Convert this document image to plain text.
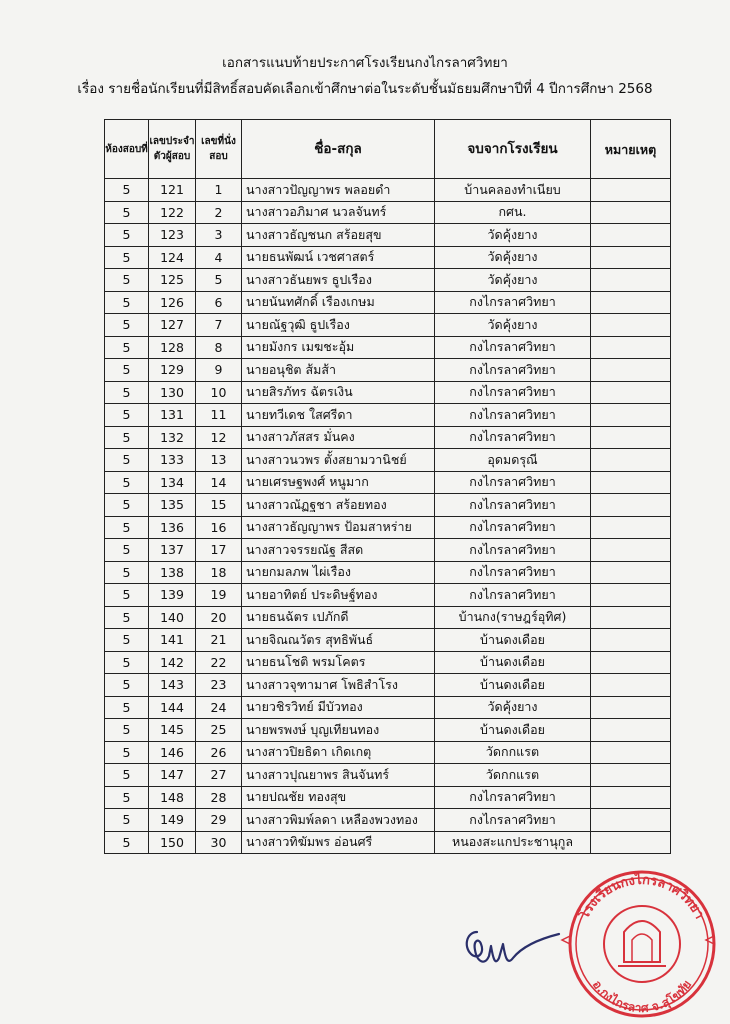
เอกสารแนบท้ายประกาศโรงเรียนกงไกรลาศวิทยา
เรื่อง รายชื่อนักเรียนที่มีสิทธิ์สอบคัดเลือกเข้าศึกษาต่อในระดับชั้นมัธยมศึกษาปีที่ 4 ปีการศึกษา 2568
ห้องสอบที่	เลขประจำตัวผู้สอบ	เลขที่นั่งสอบ	ชื่อ-สกุล	จบจากโรงเรียน	หมายเหตุ
5	121	1	นางสาวปัญญาพร พลอยดำ	บ้านคลองทำเนียบ	
5	122	2	นางสาวอภิมาศ นวลจันทร์	กศน.	
5	123	3	นางสาวธัญชนก สร้อยสุข	วัดคุ้งยาง	
5	124	4	นายธนพัฒน์ เวชศาสตร์	วัดคุ้งยาง	
5	125	5	นางสาวธันยพร ธูปเรือง	วัดคุ้งยาง	
5	126	6	นายนันทศักดิ์ เรืองเกษม	กงไกรลาศวิทยา	
5	127	7	นายณัฐวุฒิ ธูปเรือง	วัดคุ้งยาง	
5	128	8	นายมังกร เมฆชะอุ้ม	กงไกรลาศวิทยา	
5	129	9	นายอนุชิต ส้มส้า	กงไกรลาศวิทยา	
5	130	10	นายสิรภัทร ฉัตรเงิน	กงไกรลาศวิทยา	
5	131	11	นายทวีเดช ใสศรีดา	กงไกรลาศวิทยา	
5	132	12	นางสาวภัสสร มั่นคง	กงไกรลาศวิทยา	
5	133	13	นางสาวนวพร ตั้งสยามวานิชย์	อุดมดรุณี	
5	134	14	นายเศรษฐพงศ์ หนูมาก	กงไกรลาศวิทยา	
5	135	15	นางสาวณัฏฐชา สร้อยทอง	กงไกรลาศวิทยา	
5	136	16	นางสาวธัญญาพร ป้อมสาหร่าย	กงไกรลาศวิทยา	
5	137	17	นางสาวจรรยณัฐ สีสด	กงไกรลาศวิทยา	
5	138	18	นายกมลภพ ไผ่เรือง	กงไกรลาศวิทยา	
5	139	19	นายอาทิตย์ ประดิษฐ์ทอง	กงไกรลาศวิทยา	
5	140	20	นายธนฉัตร เปภักดี	บ้านกง(ราษฎร์อุทิศ)	
5	141	21	นายจิณณวัตร สุทธิพันธ์	บ้านดงเดือย	
5	142	22	นายธนโชติ พรมโคตร	บ้านดงเดือย	
5	143	23	นางสาวจุฑามาศ โพธิสำโรง	บ้านดงเดือย	
5	144	24	นายวชิรวิทย์ มีบัวทอง	วัดคุ้งยาง	
5	145	25	นายพรพงษ์ บุญเทียนทอง	บ้านดงเดือย	
5	146	26	นางสาวปิยธิดา เกิดเกตุ	วัดกกแรต	
5	147	27	นางสาวปุณยาพร สินจันทร์	วัดกกแรต	
5	148	28	นายปณชัย ทองสุข	กงไกรลาศวิทยา	
5	149	29	นางสาวพิมพ์ลดา เหลืองพวงทอง	กงไกรลาศวิทยา	
5	150	30	นางสาวทิฆัมพร อ่อนศรี	หนองสะแกประชานุกูล	
โรงเรียนกงไกรลาศวิทยา
อ.กงไกรลาศ จ.สุโขทัย
